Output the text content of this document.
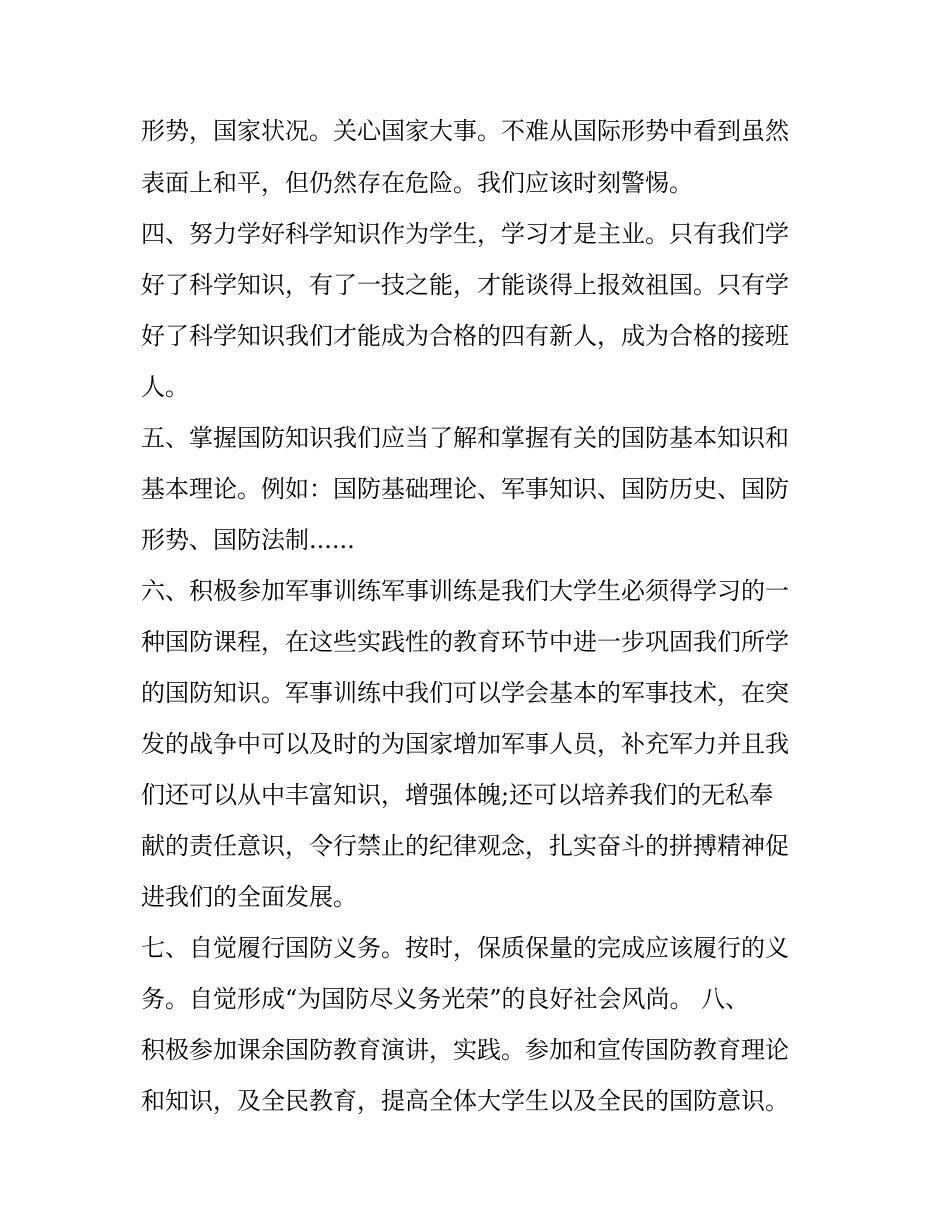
形势，国家状况。关心国家大事。不难从国际形势中看到虽然
表面上和平，但仍然存在危险。我们应该时刻警惕。
四、努力学好科学知识作为学生，学习才是主业。只有我们学
好了科学知识，有了一技之能，才能谈得上报效祖国。只有学
好了科学知识我们才能成为合格的四有新人，成为合格的接班
人。
五、掌握国防知识我们应当了解和掌握有关的国防基本知识和
基本理论。例如：国防基础理论、军事知识、国防历史、国防
形势、国防法制......
六、积极参加军事训练军事训练是我们大学生必须得学习的一
种国防课程，在这些实践性的教育环节中进一步巩固我们所学
的国防知识。军事训练中我们可以学会基本的军事技术，在突
发的战争中可以及时的为国家增加军事人员，补充军力并且我
们还可以从中丰富知识，增强体魄;还可以培养我们的无私奉
献的责任意识，令行禁止的纪律观念，扎实奋斗的拼搏精神促
进我们的全面发展。
七、自觉履行国防义务。按时，保质保量的完成应该履行的义
务。自觉形成“为国防尽义务光荣”的良好社会风尚。 八、
积极参加课余国防教育演讲，实践。参加和宣传国防教育理论
和知识，及全民教育，提高全体大学生以及全民的国防意识。
